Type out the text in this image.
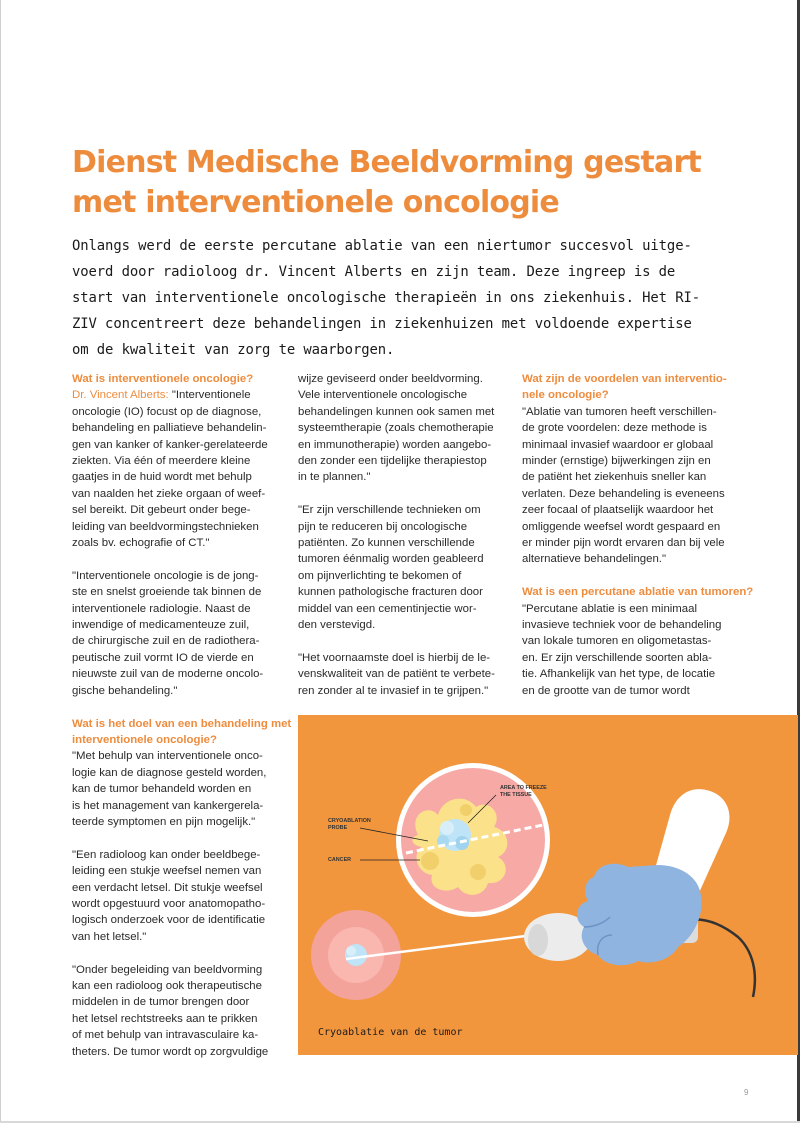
Dienst Medische Beeldvorming gestart
met interventionele oncologie
Onlangs werd de eerste percutane ablatie van een niertumor succesvol uitge-
voerd door radioloog dr. Vincent Alberts en zijn team. Deze ingreep is de
start van interventionele oncologische therapieën in ons ziekenhuis. Het RI-
ZIV concentreert deze behandelingen in ziekenhuizen met voldoende expertise
om de kwaliteit van zorg te waarborgen.
Wat is interventionele oncologie?
Dr. Vincent Alberts: "Interventionele
oncologie (IO) focust op de diagnose,
behandeling en palliatieve behandelin-
gen van kanker of kanker-gerelateerde
ziekten. Via één of meerdere kleine
gaatjes in de huid wordt met behulp
van naalden het zieke orgaan of weef-
sel bereikt. Dit gebeurt onder bege-
leiding van beeldvormingstechnieken
zoals bv. echografie of CT."
"Interventionele oncologie is de jong-
ste en snelst groeiende tak binnen de
interventionele radiologie. Naast de
inwendige of medicamenteuze zuil,
de chirurgische zuil en de radiothera-
peutische zuil vormt IO de vierde en
nieuwste zuil van de moderne oncolo-
gische behandeling."
Wat is het doel van een behandeling met
interventionele oncologie?
"Met behulp van interventionele onco-
logie kan de diagnose gesteld worden,
kan de tumor behandeld worden en
is het management van kankergerela-
teerde symptomen en pijn mogelijk."
"Een radioloog kan onder beeldbege-
leiding een stukje weefsel nemen van
een verdacht letsel. Dit stukje weefsel
wordt opgestuurd voor anatomopatho-
logisch onderzoek voor de identificatie
van het letsel."
"Onder begeleiding van beeldvorming
kan een radioloog ook therapeutische
middelen in de tumor brengen door
het letsel rechtstreeks aan te prikken
of met behulp van intravasculaire ka-
theters. De tumor wordt op zorgvuldige
wijze geviseerd onder beeldvorming.
Vele interventionele oncologische
behandelingen kunnen ook samen met
systeemtherapie (zoals chemotherapie
en immunotherapie) worden aangebo-
den zonder een tijdelijke therapiestop
in te plannen."
"Er zijn verschillende technieken om
pijn te reduceren bij oncologische
patiënten. Zo kunnen verschillende
tumoren éénmalig worden geableerd
om pijnverlichting te bekomen of
kunnen pathologische fracturen door
middel van een cementinjectie wor-
den verstevigd.
"Het voornaamste doel is hierbij de le-
venskwaliteit van de patiënt te verbete-
ren zonder al te invasief in te grijpen."
Wat zijn de voordelen van interventio-
nele oncologie?
"Ablatie van tumoren heeft verschillen-
de grote voordelen: deze methode is
minimaal invasief waardoor er globaal
minder (ernstige) bijwerkingen zijn en
de patiënt het ziekenhuis sneller kan
verlaten. Deze behandeling is eveneens
zeer focaal of plaatselijk waardoor het
omliggende weefsel wordt gespaard en
er minder pijn wordt ervaren dan bij vele
alternatieve behandelingen."
Wat is een percutane ablatie van tumoren?
"Percutane ablatie is een minimaal
invasieve techniek voor de behandeling
van lokale tumoren en oligometastas-
en. Er zijn verschillende soorten abla-
tie. Afhankelijk van het type, de locatie
en de grootte van de tumor wordt
AREA TO FREEZE
THE TISSUE
CRYOABLATION
PROBE
CANCER
Cryoablatie van de tumor
9
